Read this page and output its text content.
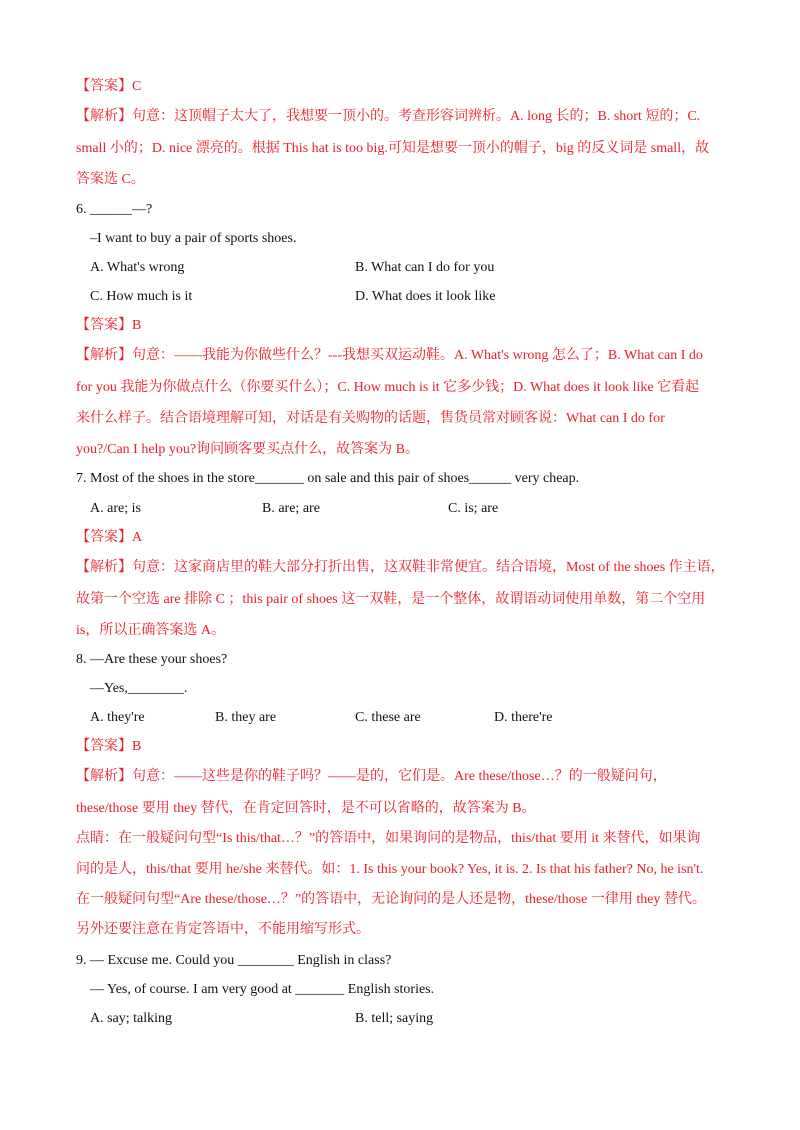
【答案】C
【解析】句意：这顶帽子太大了，我想要一顶小的。考查形容词辨析。A. long 长的；B. short 短的；C.
small 小的；D. nice 漂亮的。根据 This hat is too big.可知是想要一顶小的帽子，big 的反义词是 small，故
答案选 C。
6. ______—?
–I want to buy a pair of sports shoes.
A. What's wrong	B. What can I do for you
C. How much is it	D. What does it look like
【答案】B
【解析】句意：——我能为你做些什么？---我想买双运动鞋。A. What's wrong 怎么了；B. What can I do
for you 我能为你做点什么（你要买什么）；C. How much is it 它多少钱；D. What does it look like 它看起
来什么样子。结合语境理解可知，对话是有关购物的话题，售货员常对顾客说：What can I do for
you?/Can I help you?询问顾客要买点什么，故答案为 B。
7. Most of the shoes in the store_______ on sale and this pair of shoes______ very cheap.
A. are; is	B. are; are	C. is; are
【答案】A
【解析】句意：这家商店里的鞋大部分打折出售，这双鞋非常便宜。结合语境，Most of the shoes 作主语，
故第一个空选 are 排除 C ；this pair of shoes 这一双鞋，是一个整体，故谓语动词使用单数，第二个空用
is，所以正确答案选 A。
8. —Are these your shoes?
—Yes,________.
A. they're	B. they are	C. these are	D. there're
【答案】B
【解析】句意：——这些是你的鞋子吗？——是的，它们是。Are these/those…？的一般疑问句，
these/those 要用 they 替代，在肯定回答时，是不可以省略的，故答案为 B。
点睛：在一般疑问句型“Is this/that…？”的答语中，如果询问的是物品，this/that 要用 it 来替代，如果询
问的是人，this/that 要用 he/she 来替代。如：1. Is this your book? Yes, it is. 2. Is that his father? No, he isn't.
在一般疑问句型“Are these/those…？”的答语中，无论询问的是人还是物，these/those 一律用 they 替代。
另外还要注意在肯定答语中，不能用缩写形式。
9. — Excuse me. Could you ________ English in class?
— Yes, of course. I am very good at _______ English stories.
A. say; talking	B. tell; saying
